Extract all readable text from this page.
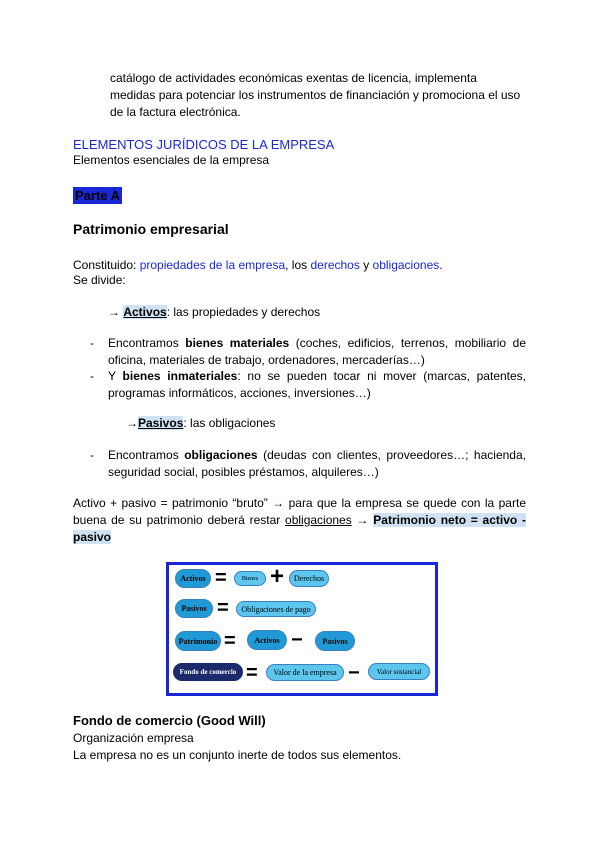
catálogo de actividades económicas exentas de licencia, implementa
medidas para potenciar los instrumentos de financiación y promociona el uso
de la factura electrónica.
ELEMENTOS JURÍDICOS DE LA EMPRESA
Elementos esenciales de la empresa
Parte A
Patrimonio empresarial
Constituido: propiedades de la empresa, los derechos y obligaciones.
Se divide:
→ Activos: las propiedades y derechos
- Encontramos bienes materiales (coches, edificios, terrenos, mobiliario de oficina, materiales de trabajo, ordenadores, mercaderías…)
- Y bienes inmateriales: no se pueden tocar ni mover (marcas, patentes, programas informáticos, acciones, inversiones…)
→Pasivos: las obligaciones
- Encontramos obligaciones (deudas con clientes, proveedores…; hacienda, seguridad social, posibles préstamos, alquileres…)
Activo + pasivo = patrimonio “bruto” → para que la empresa se quede con la parte buena de su patrimonio deberá restar obligaciones → Patrimonio neto = activo - pasivo
Activos =	Bienes +	Derechos
Pasivos =	Obligaciones de pago
Patrimonio =	Activos −	Pasivos
Fondo de comercio =	Valor de la empresa −	Valor sustancial
Fondo de comercio (Good Will)
Organización empresa
La empresa no es un conjunto inerte de todos sus elementos.
